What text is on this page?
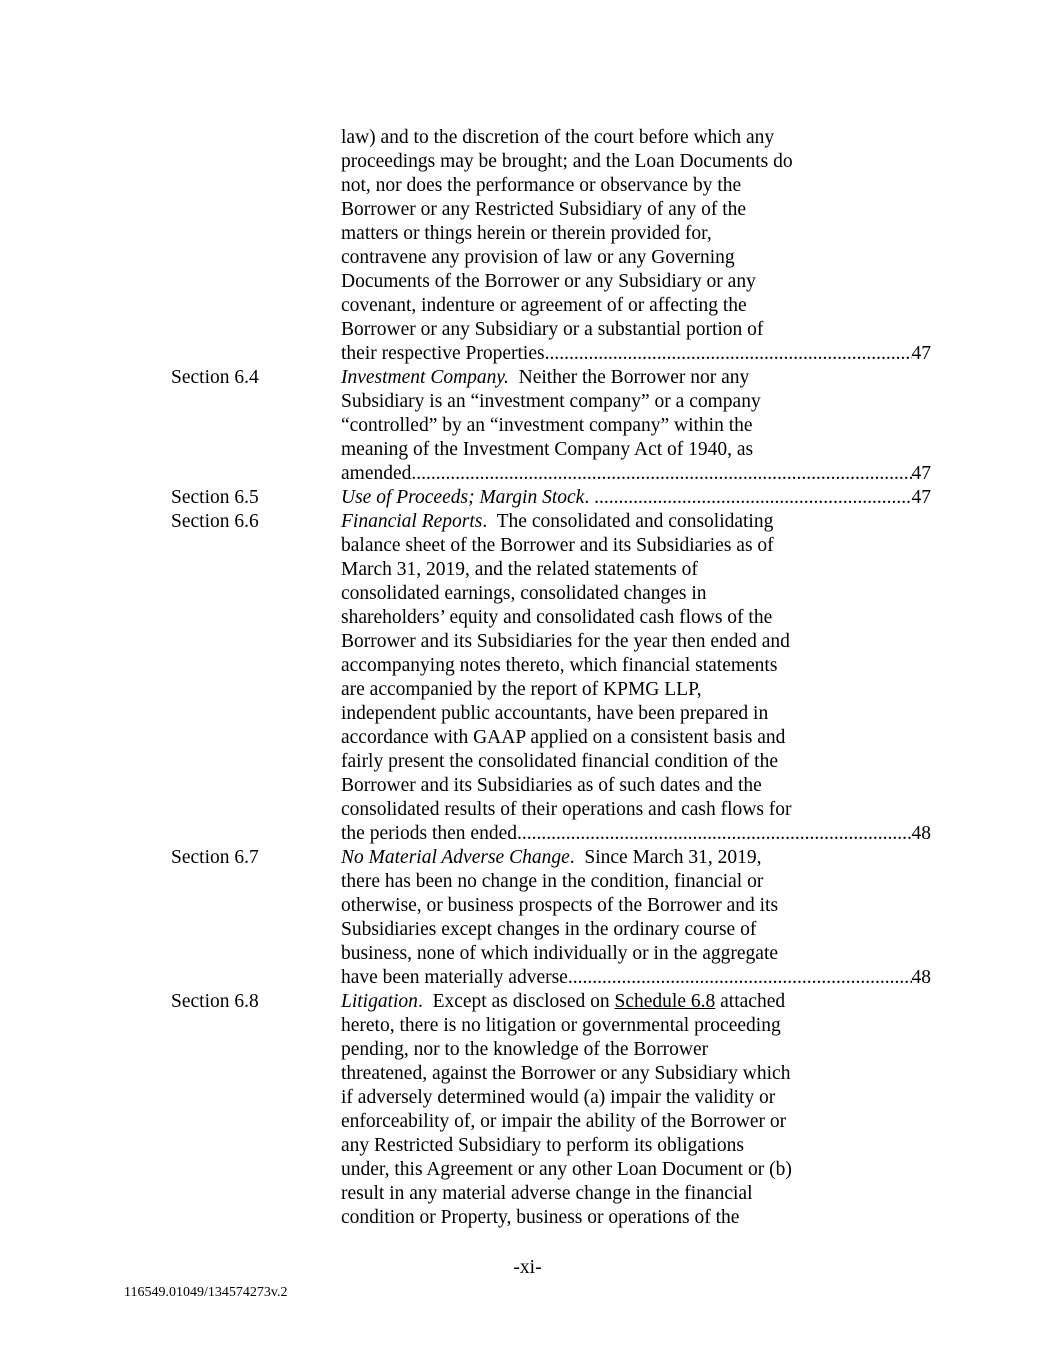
law) and to the discretion of the court before which any
proceedings may be brought; and the Loan Documents do
not, nor does the performance or observance by the
Borrower or any Restricted Subsidiary of any of the
matters or things herein or therein provided for,
contravene any provision of law or any Governing
Documents of the Borrower or any Subsidiary or any
covenant, indenture or agreement of or affecting the
Borrower or any Subsidiary or a substantial portion of
their respective Properties. .....	47
Section 6.4	Investment Company.  Neither the Borrower nor any
Subsidiary is an “investment company” or a company
“controlled” by an “investment company” within the
meaning of the Investment Company Act of 1940, as
amended. .....	47
Section 6.5	Use of Proceeds; Margin Stock. .....	47
Section 6.6	Financial Reports.  The consolidated and consolidating
balance sheet of the Borrower and its Subsidiaries as of
March 31, 2019, and the related statements of
consolidated earnings, consolidated changes in
shareholders’ equity and consolidated cash flows of the
Borrower and its Subsidiaries for the year then ended and
accompanying notes thereto, which financial statements
are accompanied by the report of KPMG LLP,
independent public accountants, have been prepared in
accordance with GAAP applied on a consistent basis and
fairly present the consolidated financial condition of the
Borrower and its Subsidiaries as of such dates and the
consolidated results of their operations and cash flows for
the periods then ended. .....	48
Section 6.7	No Material Adverse Change.  Since March 31, 2019,
there has been no change in the condition, financial or
otherwise, or business prospects of the Borrower and its
Subsidiaries except changes in the ordinary course of
business, none of which individually or in the aggregate
have been materially adverse. .....	48
Section 6.8	Litigation.  Except as disclosed on Schedule 6.8 attached
hereto, there is no litigation or governmental proceeding
pending, nor to the knowledge of the Borrower
threatened, against the Borrower or any Subsidiary which
if adversely determined would (a) impair the validity or
enforceability of, or impair the ability of the Borrower or
any Restricted Subsidiary to perform its obligations
under, this Agreement or any other Loan Document or (b)
result in any material adverse change in the financial
condition or Property, business or operations of the
-xi-
116549.01049/134574273v.2
